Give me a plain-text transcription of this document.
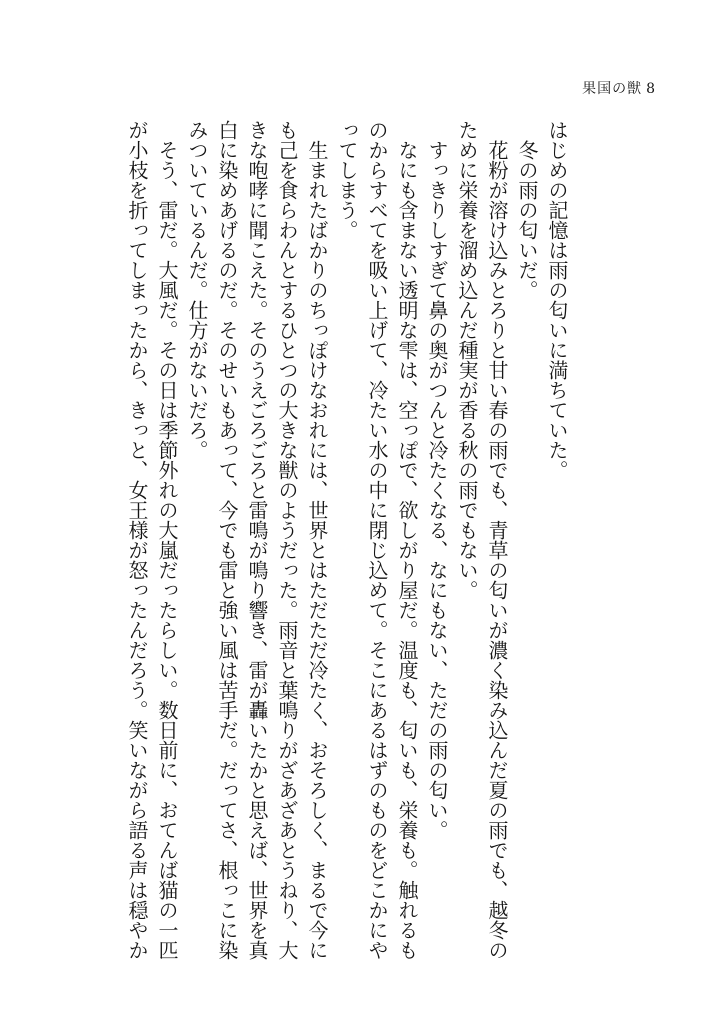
果国の獣 8
はじめの記憶は雨の匂いに満ちていた。
　冬の雨の匂いだ。
　花粉が溶け込みとろりと甘い春の雨でも、青草の匂いが濃く染み込んだ夏の雨でも、越冬の
ために栄養を溜め込んだ種実が香る秋の雨でもない。
　すっきりしすぎて鼻の奥がつんと冷たくなる、なにもない、ただの雨の匂い。
　なにも含まない透明な雫は、空っぽで、欲しがり屋だ。温度も、匂いも、栄養も。触れるも
のからすべてを吸い上げて、冷たい水の中に閉じ込めて。そこにあるはずのものをどこかにや
ってしまう。
　生まれたばかりのちっぽけなおれには、世界とはただただ冷たく、おそろしく、まるで今に
も己を食らわんとするひとつの大きな獣のようだった。雨音と葉鳴りがざあざあとうねり、大
きな咆哮に聞こえた。そのうえごろごろと雷鳴が鳴り響き、雷が轟いたかと思えば、世界を真
白に染めあげるのだ。そのせいもあって、今でも雷と強い風は苦手だ。だってさ、根っこに染
みついているんだ。仕方がないだろ。
　そう、雷だ。大風だ。その日は季節外れの大嵐だったらしい。数日前に、おてんば猫の一匹
が小枝を折ってしまったから、きっと、女王様が怒ったんだろう。笑いながら語る声は穏やか
